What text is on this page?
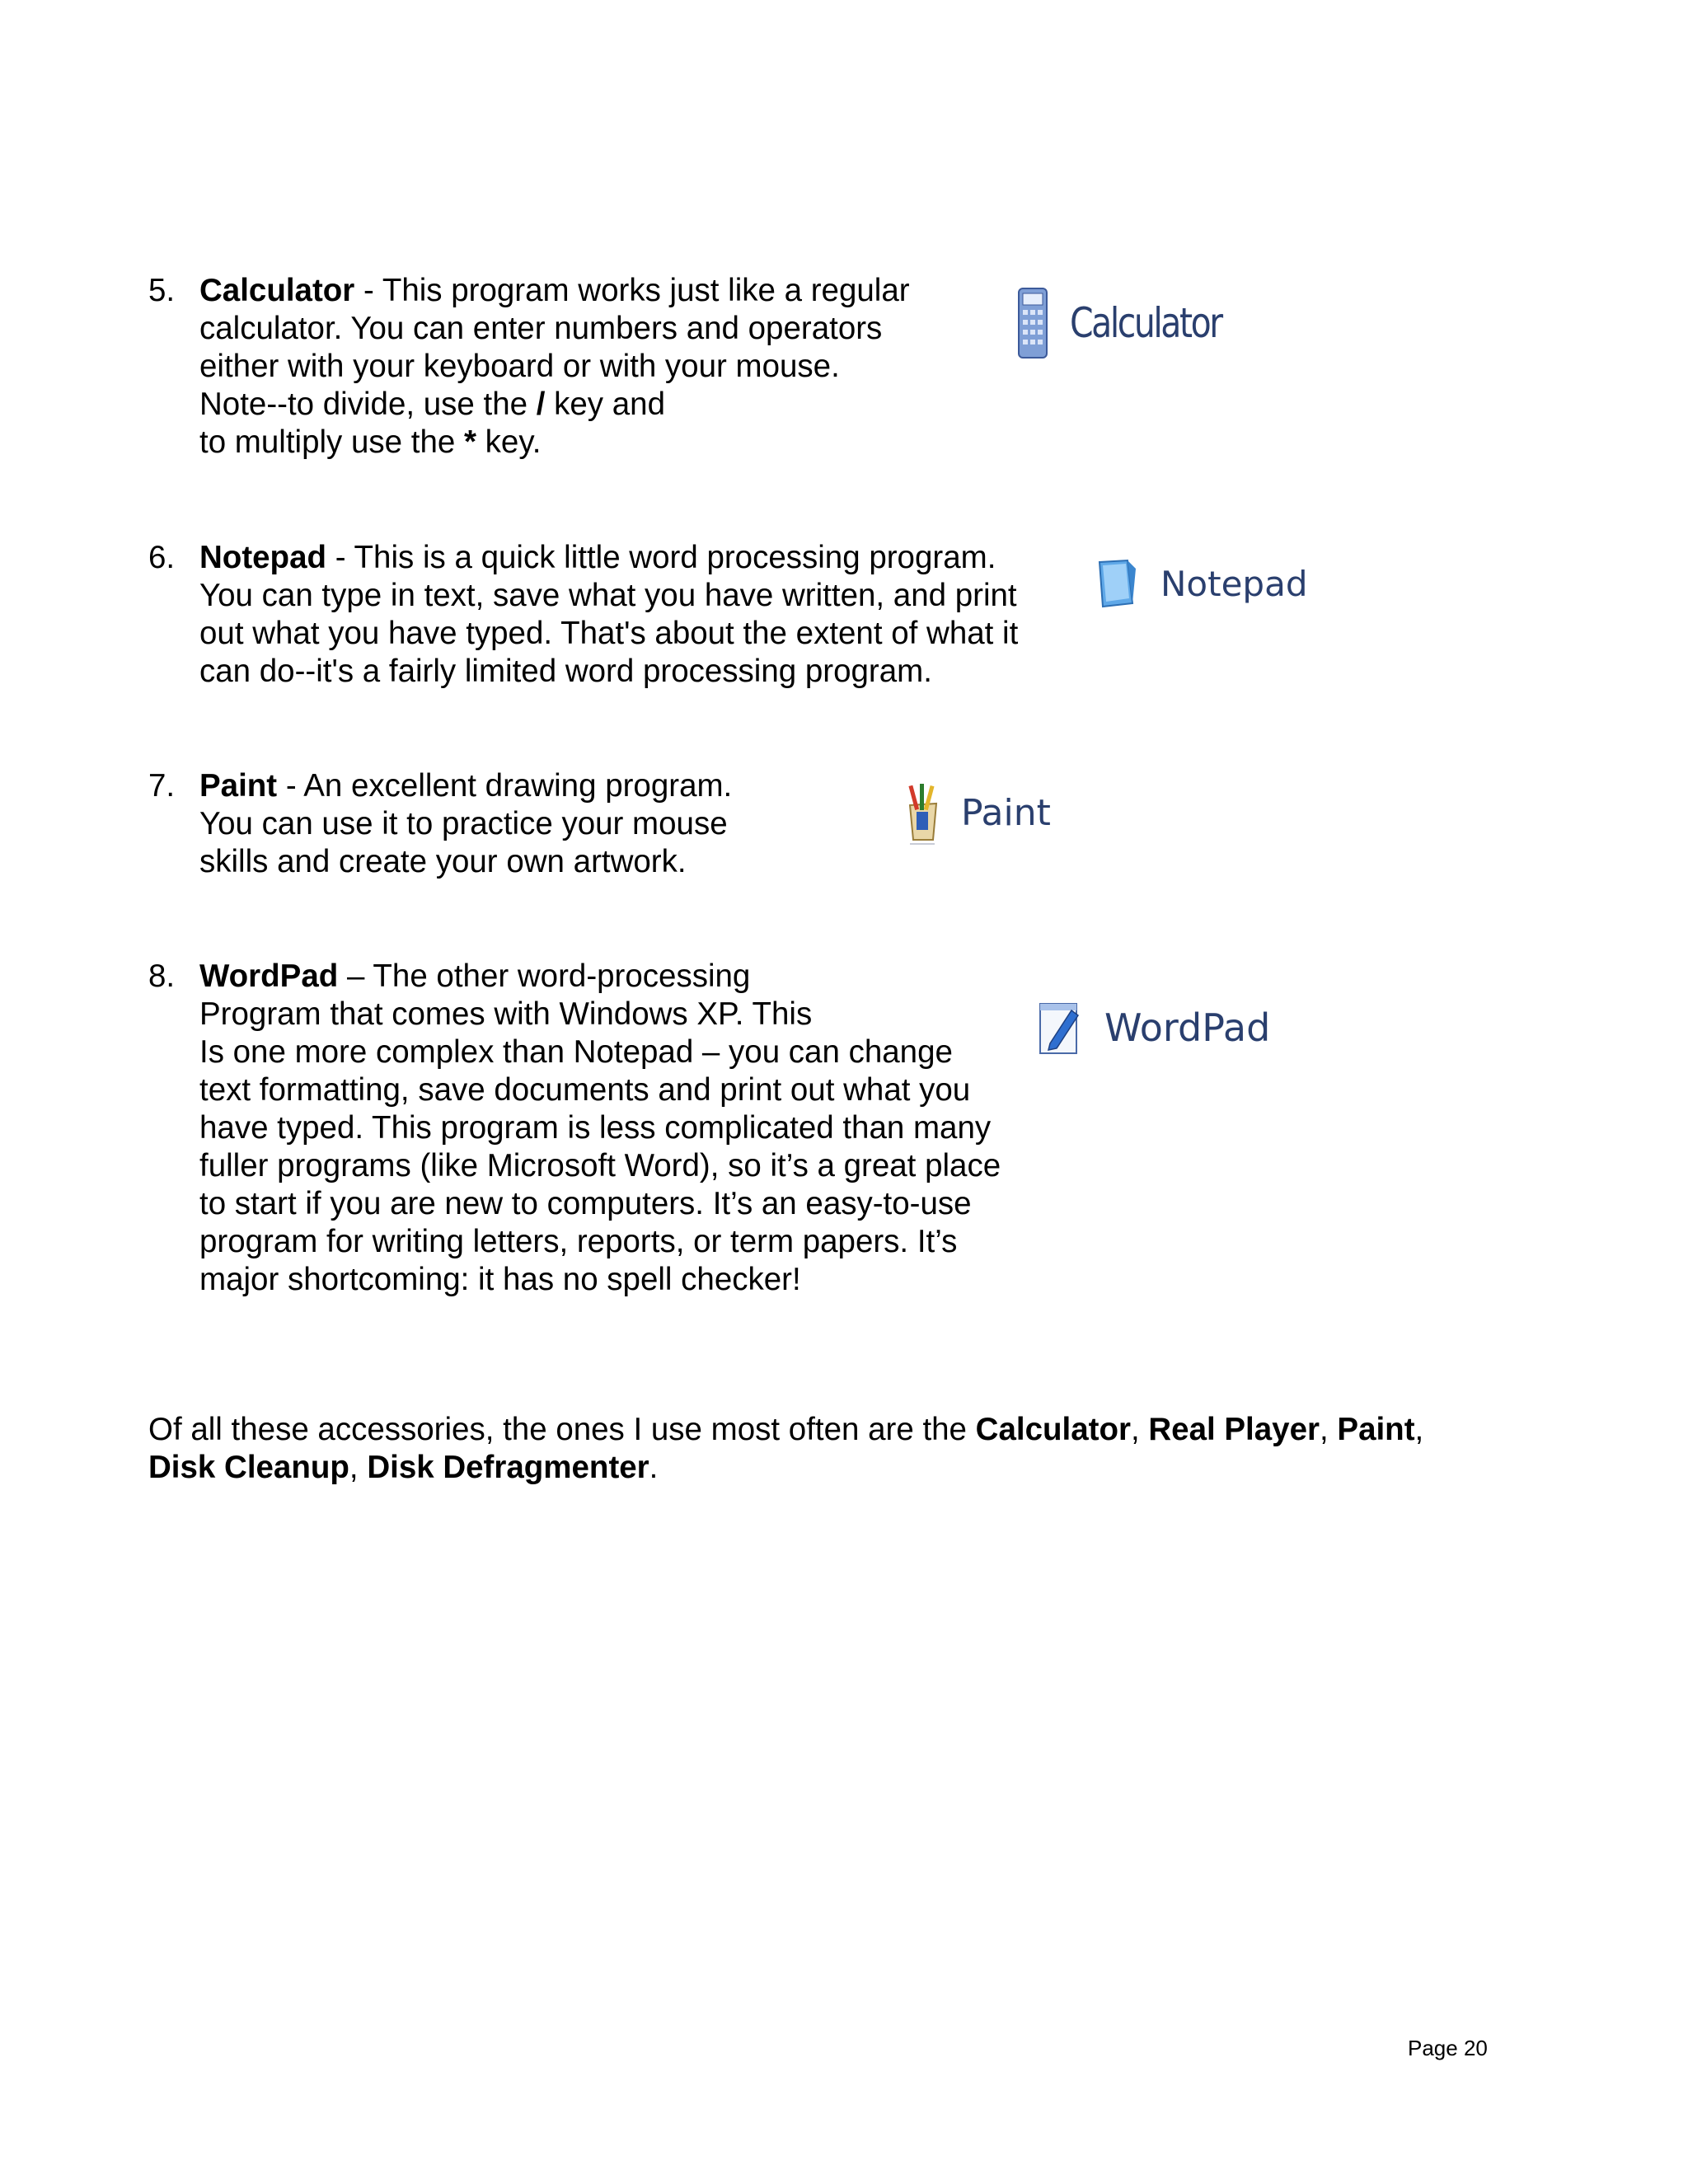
5. Calculator - This program works just like a regular
calculator. You can enter numbers and operators
either with your keyboard or with your mouse.
Note--to divide, use the / key and
to multiply use the * key.
Calculator
6. Notepad - This is a quick little word processing program.
You can type in text, save what you have written, and print
out what you have typed. That's about the extent of what it
can do--it's a fairly limited word processing program.
Notepad
7. Paint - An excellent drawing program.
You can use it to practice your mouse
skills and create your own artwork.
Paint
8. WordPad – The other word-processing
Program that comes with Windows XP. This
Is one more complex than Notepad – you can change
text formatting, save documents and print out what you
have typed. This program is less complicated than many
fuller programs (like Microsoft Word), so it’s a great place
to start if you are new to computers. It’s an easy-to-use
program for writing letters, reports, or term papers. It’s
major shortcoming: it has no spell checker!
WordPad
Of all these accessories, the ones I use most often are the Calculator, Real Player, Paint,
Disk Cleanup, Disk Defragmenter.
Page 20
